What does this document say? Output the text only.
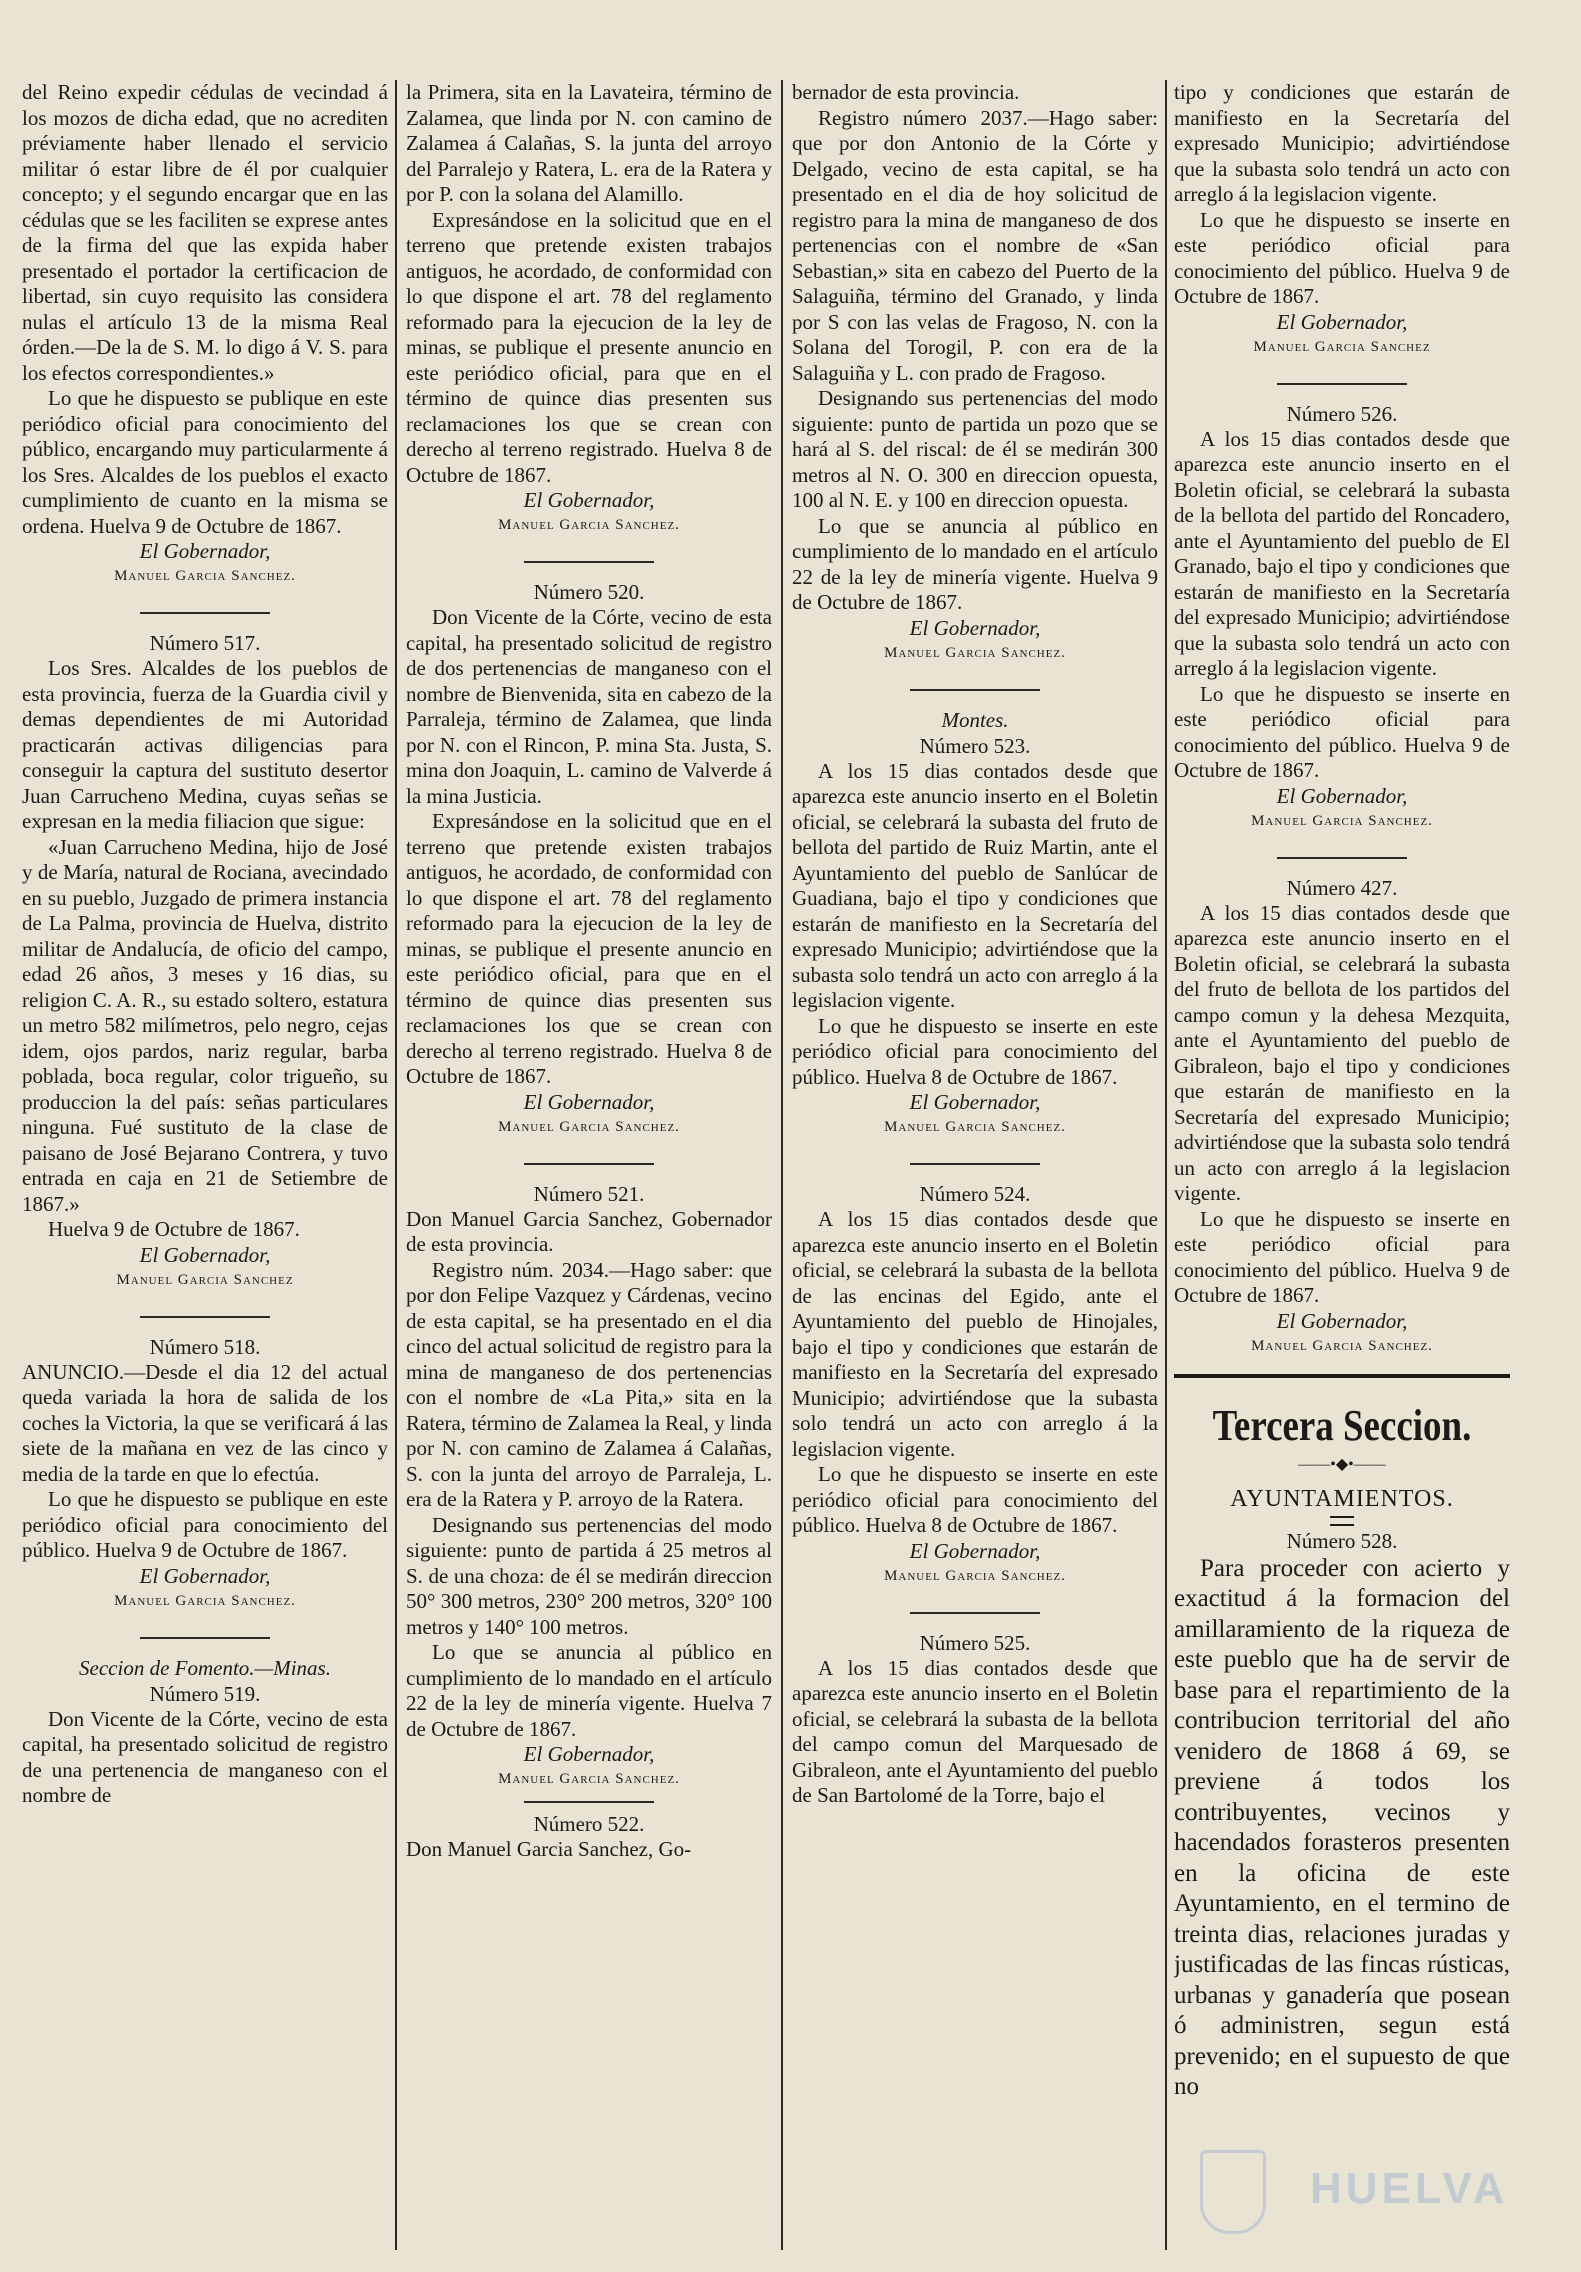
del Reino expedir cédulas de vecindad á los mozos de dicha edad, que no acrediten préviamente haber llenado el servicio militar ó estar libre de él por cualquier concepto; y el segundo encargar que en las cédulas que se les faciliten se exprese antes de la firma del que las expida haber presentado el portador la certificacion de libertad, sin cuyo requisito las considera nulas el artículo 13 de la misma Real órden.—De la de S. M. lo digo á V. S. para los efectos correspondientes.»

Lo que he dispuesto se publique en este periódico oficial para conocimiento del público, encargando muy particularmente á los Sres. Alcaldes de los pueblos el exacto cumplimiento de cuanto en la misma se ordena. Huelva 9 de Octubre de 1867.

El Gobernador,

Manuel Garcia Sanchez.

Número 517.

Los Sres. Alcaldes de los pueblos de esta provincia, fuerza de la Guardia civil y demas dependientes de mi Autoridad practicarán activas diligencias para conseguir la captura del sustituto desertor Juan Carrucheno Medina, cuyas señas se expresan en la media filiacion que sigue:

«Juan Carrucheno Medina, hijo de José y de María, natural de Rociana, avecindado en su pueblo, Juzgado de primera instancia de La Palma, provincia de Huelva, distrito militar de Andalucía, de oficio del campo, edad 26 años, 3 meses y 16 dias, su religion C. A. R., su estado soltero, estatura un metro 582 milímetros, pelo negro, cejas idem, ojos pardos, nariz regular, barba poblada, boca regular, color trigueño, su produccion la del país: señas particulares ninguna. Fué sustituto de la clase de paisano de José Bejarano Contrera, y tuvo entrada en caja en 21 de Setiembre de 1867.»

Huelva 9 de Octubre de 1867.

El Gobernador,

Manuel Garcia Sanchez

Número 518.

ANUNCIO.—Desde el dia 12 del actual queda variada la hora de salida de los coches la Victoria, la que se verificará á las siete de la mañana en vez de las cinco y media de la tarde en que lo efectúa.

Lo que he dispuesto se publique en este periódico oficial para conocimiento del público. Huelva 9 de Octubre de 1867.

El Gobernador,

Manuel Garcia Sanchez.

Seccion de Fomento.—Minas.

Número 519.

Don Vicente de la Córte, vecino de esta capital, ha presentado solicitud de registro de una pertenencia de manganeso con el nombre de

la Primera, sita en la Lavateira, término de Zalamea, que linda por N. con camino de Zalamea á Calañas, S. la junta del arroyo del Parralejo y Ratera, L. era de la Ratera y por P. con la solana del Alamillo.

Expresándose en la solicitud que en el terreno que pretende existen trabajos antiguos, he acordado, de conformidad con lo que dispone el art. 78 del reglamento reformado para la ejecucion de la ley de minas, se publique el presente anuncio en este periódico oficial, para que en el término de quince dias presenten sus reclamaciones los que se crean con derecho al terreno registrado. Huelva 8 de Octubre de 1867.

El Gobernador,

Manuel Garcia Sanchez.

Número 520.

Don Vicente de la Córte, vecino de esta capital, ha presentado solicitud de registro de dos pertenencias de manganeso con el nombre de Bienvenida, sita en cabezo de la Parraleja, término de Zalamea, que linda por N. con el Rincon, P. mina Sta. Justa, S. mina don Joaquin, L. camino de Valverde á la mina Justicia.

Expresándose en la solicitud que en el terreno que pretende existen trabajos antiguos, he acordado, de conformidad con lo que dispone el art. 78 del reglamento reformado para la ejecucion de la ley de minas, se publique el presente anuncio en este periódico oficial, para que en el término de quince dias presenten sus reclamaciones los que se crean con derecho al terreno registrado. Huelva 8 de Octubre de 1867.

El Gobernador,

Manuel Garcia Sanchez.

Número 521.

Don Manuel Garcia Sanchez, Gobernador de esta provincia.

Registro núm. 2034.—Hago saber: que por don Felipe Vazquez y Cárdenas, vecino de esta capital, se ha presentado en el dia cinco del actual solicitud de registro para la mina de manganeso de dos pertenencias con el nombre de «La Pita,» sita en la Ratera, término de Zalamea la Real, y linda por N. con camino de Zalamea á Calañas, S. con la junta del arroyo de Parraleja, L. era de la Ratera y P. arroyo de la Ratera.

Designando sus pertenencias del modo siguiente: punto de partida á 25 metros al S. de una choza: de él se medirán direccion 50° 300 metros, 230° 200 metros, 320° 100 metros y 140° 100 metros.

Lo que se anuncia al público en cumplimiento de lo mandado en el artículo 22 de la ley de minería vigente. Huelva 7 de Octubre de 1867.

El Gobernador,

Manuel Garcia Sanchez.

Número 522.

Don Manuel Garcia Sanchez, Go-

bernador de esta provincia.

Registro número 2037.—Hago saber: que por don Antonio de la Córte y Delgado, vecino de esta capital, se ha presentado en el dia de hoy solicitud de registro para la mina de manganeso de dos pertenencias con el nombre de «San Sebastian,» sita en cabezo del Puerto de la Salaguiña, término del Granado, y linda por S con las velas de Fragoso, N. con la Solana del Torogil, P. con era de la Salaguiña y L. con prado de Fragoso.

Designando sus pertenencias del modo siguiente: punto de partida un pozo que se hará al S. del riscal: de él se medirán 300 metros al N. O. 300 en direccion opuesta, 100 al N. E. y 100 en direccion opuesta.

Lo que se anuncia al público en cumplimiento de lo mandado en el artículo 22 de la ley de minería vigente. Huelva 9 de Octubre de 1867.

El Gobernador,

Manuel Garcia Sanchez.

Montes.

Número 523.

A los 15 dias contados desde que aparezca este anuncio inserto en el Boletin oficial, se celebrará la subasta del fruto de bellota del partido de Ruiz Martin, ante el Ayuntamiento del pueblo de Sanlúcar de Guadiana, bajo el tipo y condiciones que estarán de manifiesto en la Secretaría del expresado Municipio; advirtiéndose que la subasta solo tendrá un acto con arreglo á la legislacion vigente.

Lo que he dispuesto se inserte en este periódico oficial para conocimiento del público. Huelva 8 de Octubre de 1867.

El Gobernador,

Manuel Garcia Sanchez.

Número 524.

A los 15 dias contados desde que aparezca este anuncio inserto en el Boletin oficial, se celebrará la subasta de la bellota de las encinas del Egido, ante el Ayuntamiento del pueblo de Hinojales, bajo el tipo y condiciones que estarán de manifiesto en la Secretaría del expresado Municipio; advirtiéndose que la subasta solo tendrá un acto con arreglo á la legislacion vigente.

Lo que he dispuesto se inserte en este periódico oficial para conocimiento del público. Huelva 8 de Octubre de 1867.

El Gobernador,

Manuel Garcia Sanchez.

Número 525.

A los 15 dias contados desde que aparezca este anuncio inserto en el Boletin oficial, se celebrará la subasta de la bellota del campo comun del Marquesado de Gibraleon, ante el Ayuntamiento del pueblo de San Bartolomé de la Torre, bajo el

tipo y condiciones que estarán de manifiesto en la Secretaría del expresado Municipio; advirtiéndose que la subasta solo tendrá un acto con arreglo á la legislacion vigente.

Lo que he dispuesto se inserte en este periódico oficial para conocimiento del público. Huelva 9 de Octubre de 1867.

El Gobernador,

Manuel Garcia Sanchez

Número 526.

A los 15 dias contados desde que aparezca este anuncio inserto en el Boletin oficial, se celebrará la subasta de la bellota del partido del Roncadero, ante el Ayuntamiento del pueblo de El Granado, bajo el tipo y condiciones que estarán de manifiesto en la Secretaría del expresado Municipio; advirtiéndose que la subasta solo tendrá un acto con arreglo á la legislacion vigente.

Lo que he dispuesto se inserte en este periódico oficial para conocimiento del público. Huelva 9 de Octubre de 1867.

El Gobernador,

Manuel Garcia Sanchez.

Número 427.

A los 15 dias contados desde que aparezca este anuncio inserto en el Boletin oficial, se celebrará la subasta del fruto de bellota de los partidos del campo comun y la dehesa Mezquita, ante el Ayuntamiento del pueblo de Gibraleon, bajo el tipo y condiciones que estarán de manifiesto en la Secretaría del expresado Municipio; advirtiéndose que la subasta solo tendrá un acto con arreglo á la legislacion vigente.

Lo que he dispuesto se inserte en este periódico oficial para conocimiento del público. Huelva 9 de Octubre de 1867.

El Gobernador,

Manuel Garcia Sanchez.

Tercera Seccion.

——•◆•——

AYUNTAMIENTOS.

Número 528.

Para proceder con acierto y exactitud á la formacion del amillaramiento de la riqueza de este pueblo que ha de servir de base para el repartimiento de la contribucion territorial del año venidero de 1868 á 69, se previene á todos los contribuyentes, vecinos y hacendados forasteros presenten en la oficina de este Ayuntamiento, en el termino de treinta dias, relaciones juradas y justificadas de las fincas rústicas, urbanas y ganadería que posean ó administren, segun está prevenido; en el supuesto de que no

HUELVA
